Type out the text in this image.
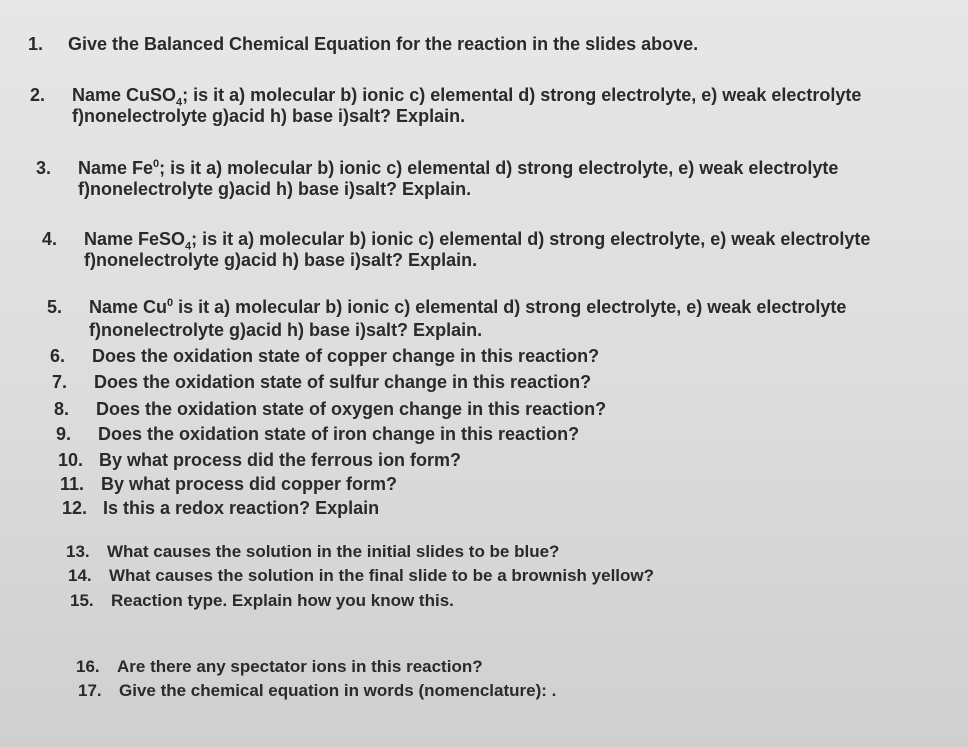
1. Give the Balanced Chemical Equation for the reaction in the slides above.
2. Name CuSO$_4$; is it a) molecular b) ionic c) elemental d) strong electrolyte, e) weak electrolyte
f)nonelectrolyte g)acid h) base i)salt? Explain.
3. Name Fe$^0$; is it a) molecular b) ionic c) elemental d) strong electrolyte, e) weak electrolyte
f)nonelectrolyte g)acid h) base i)salt? Explain.
4. Name FeSO$_4$; is it a) molecular b) ionic c) elemental d) strong electrolyte, e) weak electrolyte
f)nonelectrolyte g)acid h) base i)salt? Explain.
5. Name Cu$^0$ is it a) molecular b) ionic c) elemental d) strong electrolyte, e) weak electrolyte
f)nonelectrolyte g)acid h) base i)salt? Explain.
6. Does the oxidation state of copper change in this reaction?
7. Does the oxidation state of sulfur change in this reaction?
8. Does the oxidation state of oxygen change in this reaction?
9. Does the oxidation state of iron change in this reaction?
10. By what process did the ferrous ion form?
11. By what process did copper form?
12. Is this a redox reaction? Explain
13. What causes the solution in the initial slides to be blue?
14. What causes the solution in the final slide to be a brownish yellow?
15. Reaction type. Explain how you know this.
16. Are there any spectator ions in this reaction?
17. Give the chemical equation in words (nomenclature): .
